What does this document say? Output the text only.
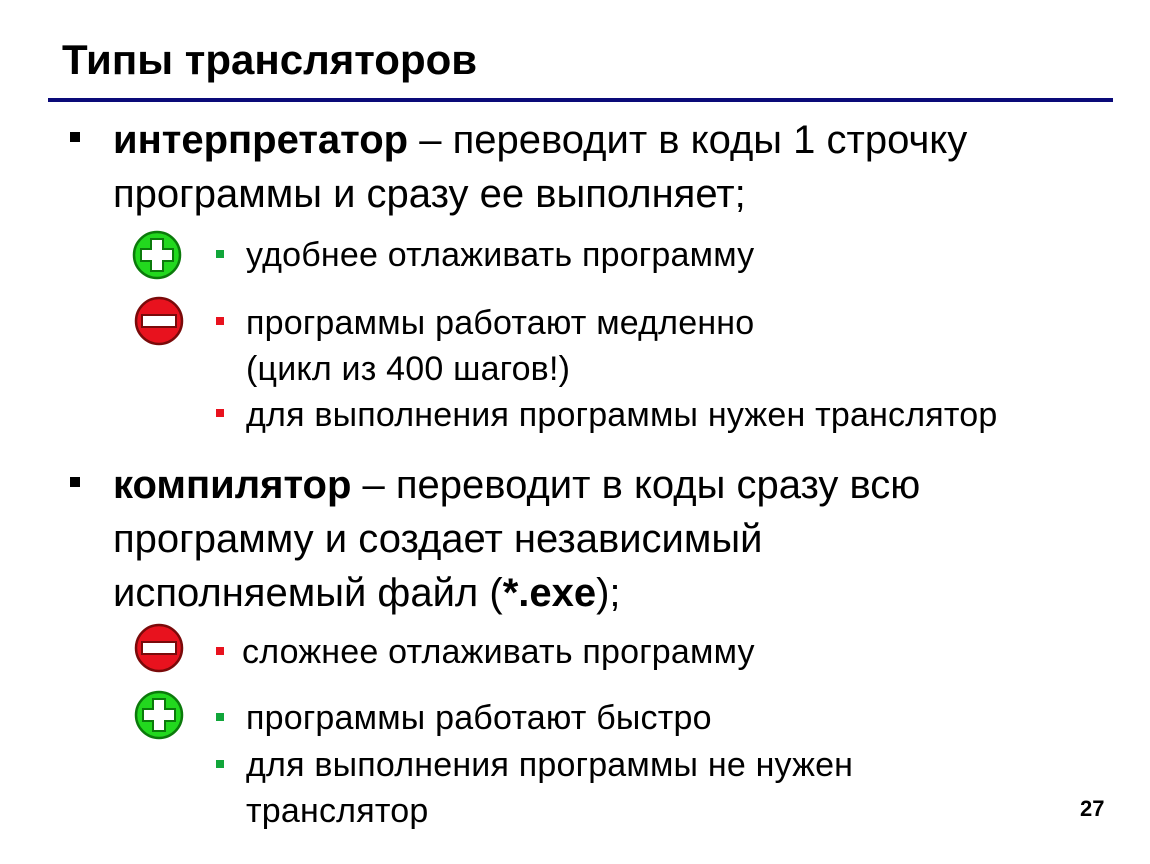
Типы трансляторов
интерпретатор – переводит в коды 1 строчку
программы и сразу ее выполняет;
удобнее отлаживать программу
программы работают медленно
(цикл из 400 шагов!)
для выполнения программы нужен транслятор
компилятор – переводит в коды сразу всю
программу и создает независимый
исполняемый файл (*.exe);
сложнее отлаживать программу
программы работают быстро
для выполнения программы не нужен
транслятор	27
